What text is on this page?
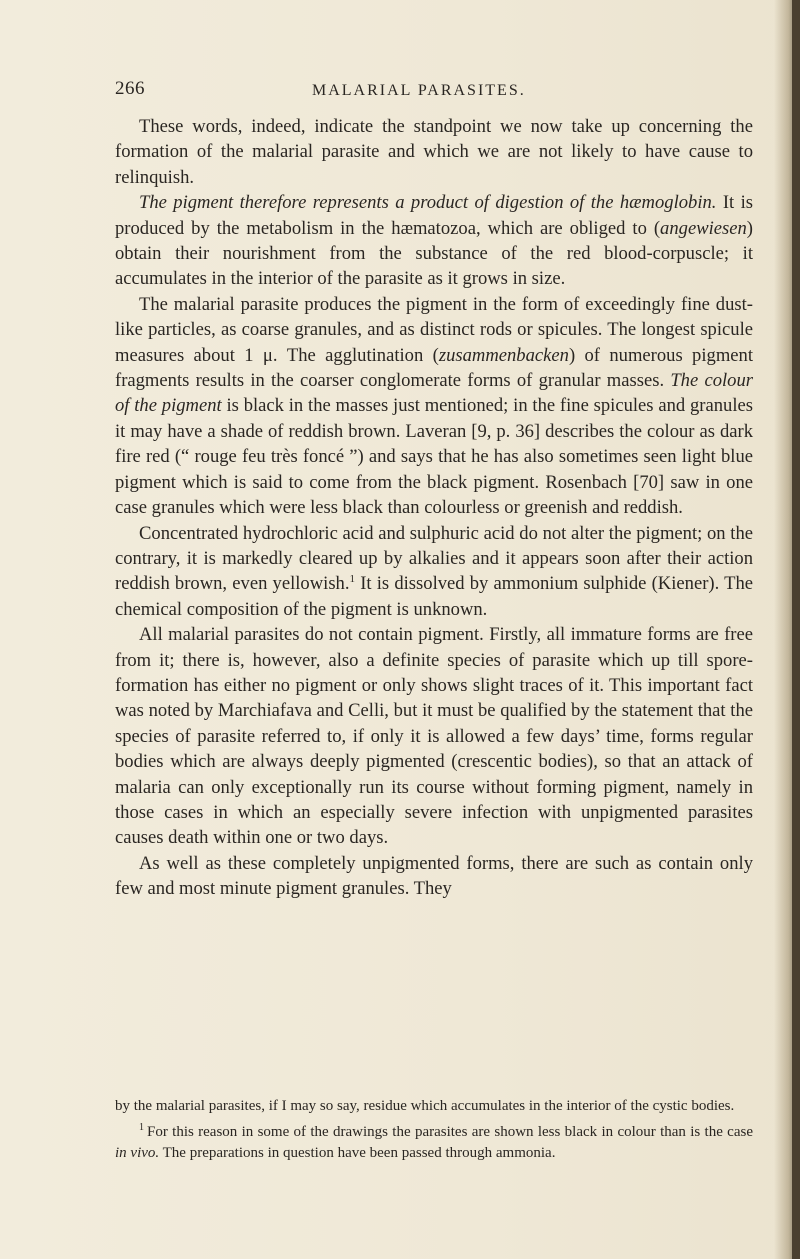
266	MALARIAL PARASITES.

These words, indeed, indicate the standpoint we now take up concerning the formation of the malarial parasite and which we are not likely to have cause to relinquish.

The pigment therefore represents a product of digestion of the hæmoglobin. It is produced by the metabolism in the hæmatozoa, which are obliged to (angewiesen) obtain their nourishment from the substance of the red blood-corpuscle; it accumulates in the interior of the parasite as it grows in size.

The malarial parasite produces the pigment in the form of exceedingly fine dust-like particles, as coarse granules, and as distinct rods or spicules. The longest spicule measures about 1 μ. The agglutination (zusammenbacken) of numerous pigment fragments results in the coarser conglomerate forms of granular masses. The colour of the pigment is black in the masses just mentioned; in the fine spicules and granules it may have a shade of reddish brown. Laveran [9, p. 36] describes the colour as dark fire red (“ rouge feu très foncé ”) and says that he has also sometimes seen light blue pigment which is said to come from the black pigment. Rosenbach [70] saw in one case granules which were less black than colourless or greenish and reddish.

Concentrated hydrochloric acid and sulphuric acid do not alter the pigment; on the contrary, it is markedly cleared up by alkalies and it appears soon after their action reddish brown, even yellowish.$^1$ It is dissolved by ammonium sulphide (Kiener). The chemical composition of the pigment is unknown.

All malarial parasites do not contain pigment. Firstly, all immature forms are free from it; there is, however, also a definite species of parasite which up till spore-formation has either no pigment or only shows slight traces of it. This important fact was noted by Marchiafava and Celli, but it must be qualified by the statement that the species of parasite referred to, if only it is allowed a few days’ time, forms regular bodies which are always deeply pigmented (crescentic bodies), so that an attack of malaria can only exceptionally run its course without forming pigment, namely in those cases in which an especially severe infection with unpigmented parasites causes death within one or two days.

As well as these completely unpigmented forms, there are such as contain only few and most minute pigment granules. They

by the malarial parasites, if I may so say, residue which accumulates in the interior of the cystic bodies.

$^1$ For this reason in some of the drawings the parasites are shown less black in colour than is the case in vivo. The preparations in question have been passed through ammonia.
